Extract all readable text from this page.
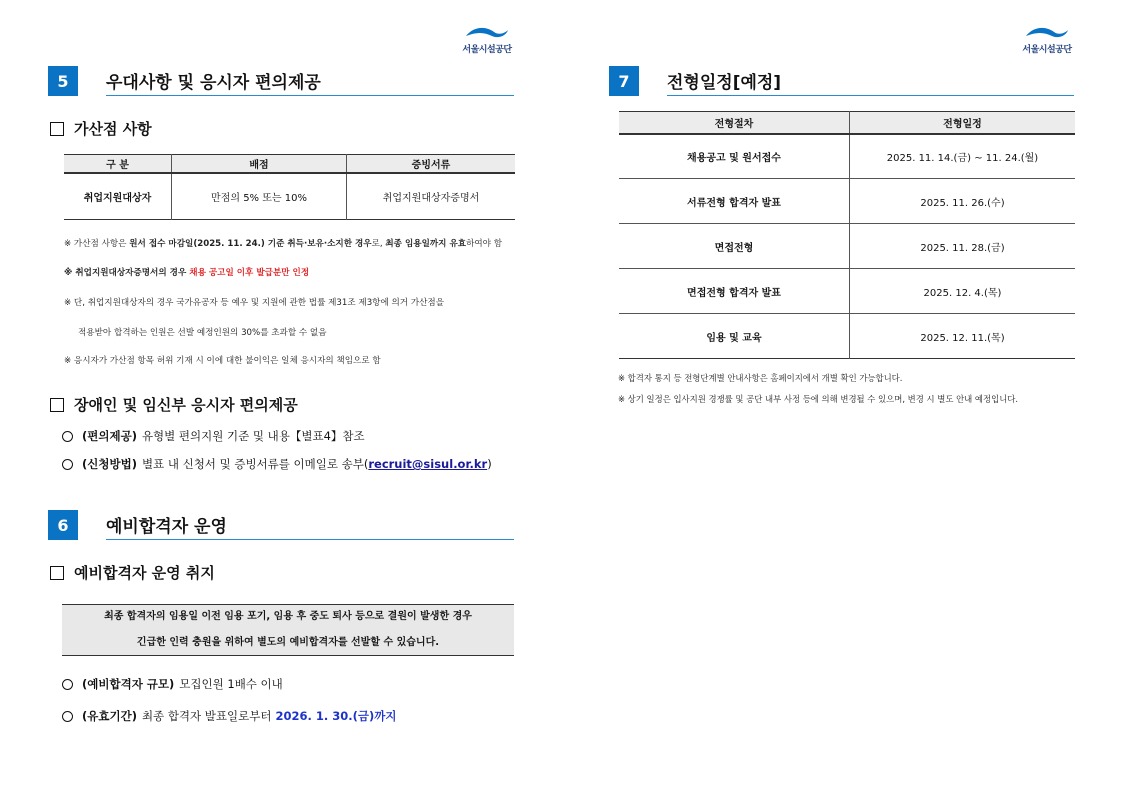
서울시설공단
5	우대사항 및 응시자 편의제공
가산점 사항
구 분	배점	증빙서류
취업지원대상자	만점의 5% 또는 10%	취업지원대상자증명서
※ 가산점 사항은 원서 접수 마감일(2025. 11. 24.) 기준 취득·보유·소지한 경우로, 최종 임용일까지 유효하여야 함
※ 취업지원대상자증명서의 경우 채용 공고일 이후 발급분만 인정
※ 단, 취업지원대상자의 경우 국가유공자 등 예우 및 지원에 관한 법률 제31조 제3항에 의거 가산점을
적용받아 합격하는 인원은 선발 예정인원의 30%를 초과할 수 없음
※ 응시자가 가산점 항목 허위 기재 시 이에 대한 불이익은 일체 응시자의 책임으로 함
장애인 및 임신부 응시자 편의제공
(편의제공) 유형별 편의지원 기준 및 내용【별표4】참조
(신청방법) 별표 내 신청서 및 증빙서류를 이메일로 송부( recruit@sisul.or.kr )
6	예비합격자 운영
예비합격자 운영 취지
최종 합격자의 임용일 이전 임용 포기, 임용 후 중도 퇴사 등으로 결원이 발생한 경우
긴급한 인력 충원을 위하여 별도의 예비합격자를 선발할 수 있습니다.
(예비합격자 규모) 모집인원 1배수 이내
(유효기간) 최종 합격자 발표일로부터 2026. 1. 30.(금)까지
서울시설공단
7	전형일정[예정]
전형절차	전형일정
채용공고 및 원서접수	2025. 11. 14.(금) ~ 11. 24.(월)
서류전형 합격자 발표	2025. 11. 26.(수)
면접전형	2025. 11. 28.(금)
면접전형 합격자 발표	2025. 12. 4.(목)
임용 및 교육	2025. 12. 11.(목)
※ 합격자 통지 등 전형단계별 안내사항은 홈페이지에서 개별 확인 가능합니다.
※ 상기 일정은 입사지원 경쟁률 및 공단 내부 사정 등에 의해 변경될 수 있으며, 변경 시 별도 안내 예정입니다.
